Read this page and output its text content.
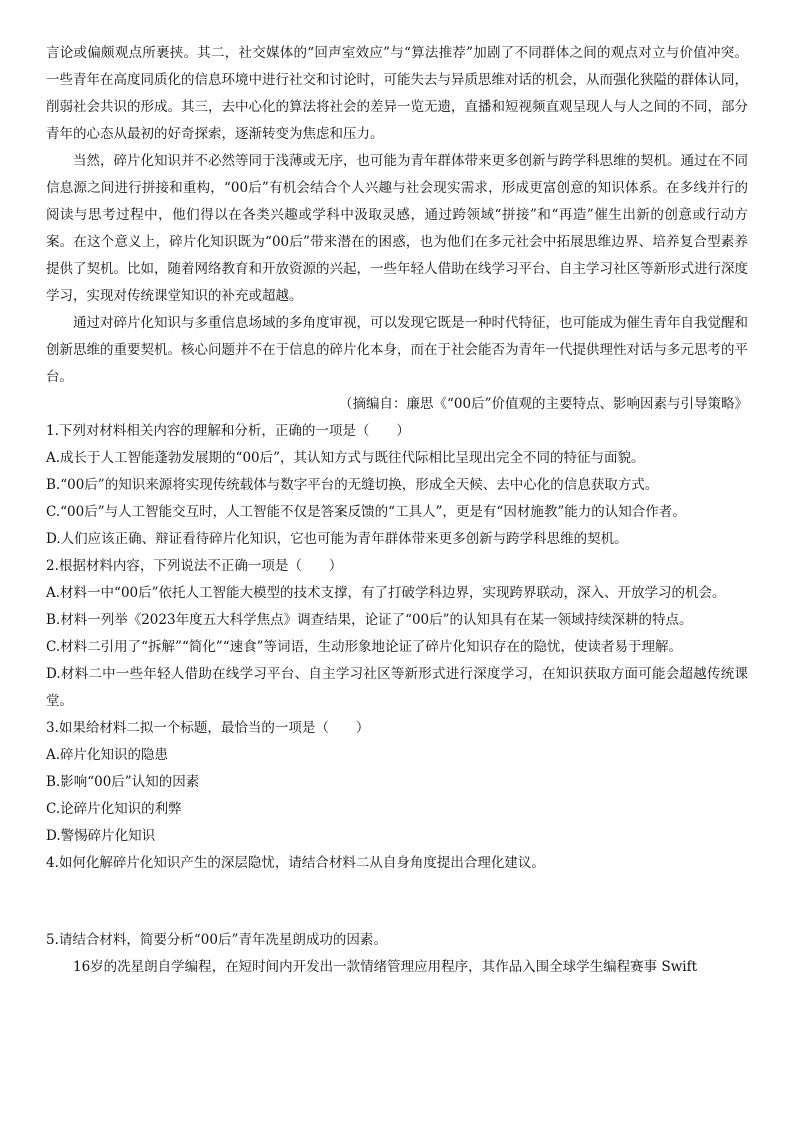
言论或偏颇观点所裹挟。其二，社交媒体的“回声室效应”与“算法推荐”加剧了不同群体之间的观点对立与价值冲突。一些青年在高度同质化的信息环境中进行社交和讨论时，可能失去与异质思维对话的机会，从而强化狭隘的群体认同，削弱社会共识的形成。其三，去中心化的算法将社会的差异一览无遗，直播和短视频直观呈现人与人之间的不同，部分青年的心态从最初的好奇探索，逐渐转变为焦虑和压力。

当然，碎片化知识并不必然等同于浅薄或无序，也可能为青年群体带来更多创新与跨学科思维的契机。通过在不同信息源之间进行拼接和重构，“00后”有机会结合个人兴趣与社会现实需求，形成更富创意的知识体系。在多线并行的阅读与思考过程中，他们得以在各类兴趣或学科中汲取灵感，通过跨领域“拼接”和“再造”催生出新的创意或行动方案。在这个意义上，碎片化知识既为“00后”带来潜在的困惑，也为他们在多元社会中拓展思维边界、培养复合型素养提供了契机。比如，随着网络教育和开放资源的兴起，一些年轻人借助在线学习平台、自主学习社区等新形式进行深度学习，实现对传统课堂知识的补充或超越。

通过对碎片化知识与多重信息场域的多角度审视，可以发现它既是一种时代特征，也可能成为催生青年自我觉醒和创新思维的重要契机。核心问题并不在于信息的碎片化本身，而在于社会能否为青年一代提供理性对话与多元思考的平台。

（摘编自：廉思《“00后”价值观的主要特点、影响因素与引导策略》

1.下列对材料相关内容的理解和分析，正确的一项是（　　）

A.成长于人工智能蓬勃发展期的“00后”，其认知方式与既往代际相比呈现出完全不同的特征与面貌。

B.“00后”的知识来源将实现传统载体与数字平台的无缝切换，形成全天候、去中心化的信息获取方式。

C.“00后”与人工智能交互时，人工智能不仅是答案反馈的“工具人”，更是有“因材施教”能力的认知合作者。

D.人们应该正确、辩证看待碎片化知识，它也可能为青年群体带来更多创新与跨学科思维的契机。

2.根据材料内容，下列说法不正确一项是（　　）

A.材料一中“00后”依托人工智能大模型的技术支撑，有了打破学科边界，实现跨界联动，深入、开放学习的机会。

B.材料一列举《2023年度五大科学焦点》调查结果，论证了“00后”的认知具有在某一领域持续深耕的特点。

C.材料二引用了“拆解”“简化”“速食”等词语，生动形象地论证了碎片化知识存在的隐忧，使读者易于理解。

D.材料二中一些年轻人借助在线学习平台、自主学习社区等新形式进行深度学习，在知识获取方面可能会超越传统课堂。

3.如果给材料二拟一个标题，最恰当的一项是（　　）

A.碎片化知识的隐患

B.影响“00后”认知的因素

C.论碎片化知识的利弊

D.警惕碎片化知识

4.如何化解碎片化知识产生的深层隐忧，请结合材料二从自身角度提出合理化建议。

5.请结合材料，简要分析“00后”青年冼星朗成功的因素。

16岁的冼星朗自学编程，在短时间内开发出一款情绪管理应用程序，其作品入围全球学生编程赛事 Swift
